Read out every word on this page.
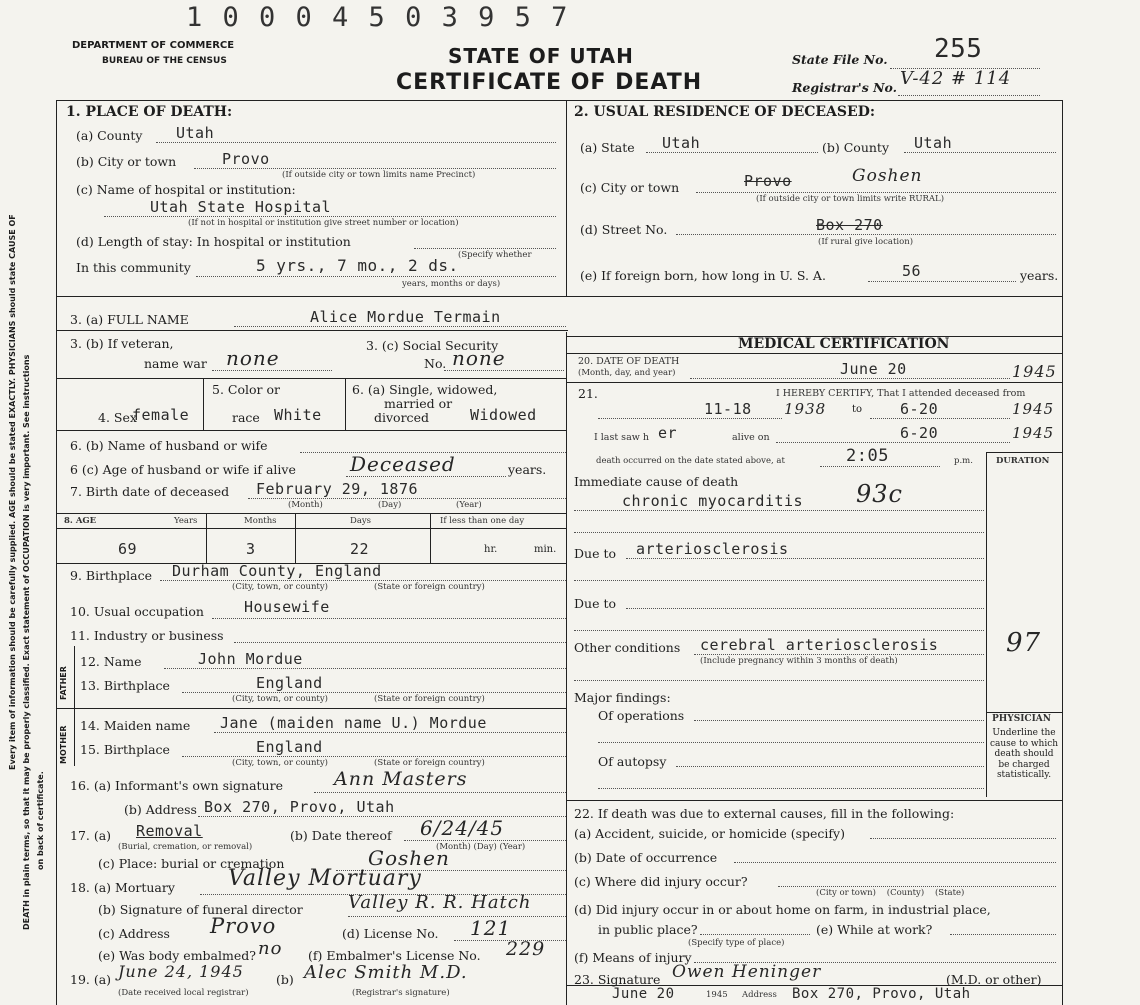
1 0 0 0 4 5 0 3 9 5 7
DEPARTMENT OF COMMERCE
BUREAU OF THE CENSUS	STATE OF UTAH
CERTIFICATE OF DEATH
State File No. 255
Registrar's No. V-42 # 114
Every item of information should be carefully supplied. AGE should be stated EXACTLY. PHYSICIANS should state CAUSE OF DEATH in plain terms, so that it may be properly classified. Exact statement of OCCUPATION is very important. See instructions on back of certificate.
1. PLACE OF DEATH:
(a) County Utah
(b) City or town	Provo
(If outside city or town limits name Precinct)
(c) Name of hospital or institution:
Utah State Hospital
(If not in hospital or institution give street number or location)
(d) Length of stay: In hospital or institution
In this community	5 yrs., 7 mo., 2 ds.
(Specify whether
years, months or days)
2. USUAL RESIDENCE OF DECEASED:
(a) State Utah	(b) County Utah
(c) City or town	Provo	Goshen
(If outside city or town limits write RURAL)
(d) Street No.	Box 270
(If rural give location)
(e) If foreign born, how long in U. S. A.	56	years.
3. (a) FULL NAME	Alice Mordue Termain
3. (b) If veteran,
name war none
3. (c) Social Security
No. none
4. Sex
female
5. Color or
race White
6. (a) Single, widowed,
married or
divorced	Widowed
6. (b) Name of husband or wife
6 (c) Age of husband or wife if alive	Deceased	years.
7. Birth date of deceased February 29, 1876
(Month)	(Day)	(Year)
8. AGE	Years	Months	Days	If less than one day
69	3	22	hr.	min.
9. Birthplace Durham County, England
(City, town, or county)	(State or foreign country)
10. Usual occupation	Housewife
11. Industry or business
FATHER
MOTHER
12. Name	John Mordue
13. Birthplace	England
(City, town, or county)	(State or foreign country)
14. Maiden name Jane (maiden name U.) Mordue
15. Birthplace	England
(City, town, or county)	(State or foreign country)
16. (a) Informant's own signature	Ann Masters
(b) Address Box 270, Provo, Utah
17. (a) Removal
(Burial, cremation, or removal)
(b) Date thereof 6/24/45
(Month) (Day) (Year)
(c) Place: burial or cremation	Goshen
18. (a) Mortuary Valley Mortuary
(b) Signature of funeral director	Valley R. R. Hatch
(c) Address Provo	(d) License No. 121
(e) Was body embalmed? no (f) Embalmer's License No. 229
19. (a) June 24, 1945
(Date received local registrar)
(b) Alec Smith M.D.
(Registrar's signature)
MEDICAL CERTIFICATION
20. DATE OF DEATH
(Month, day, and year)	June 20	1945
21.	I HEREBY CERTIFY, That I attended deceased from
11-18 1938	to	6-20	1945
I last saw h er	alive on	6-20	1945
death occurred on the date stated above, at	2:05	p.m.	DURATION
Immediate cause of death
chronic myocarditis 93c
Due to arteriosclerosis
Due to
Other conditions cerebral arteriosclerosis	97
(Include pregnancy within 3 months of death)
Major findings:
Of operations
Of autopsy
PHYSICIAN
Underline the cause to which death should be charged statistically.
22. If death was due to external causes, fill in the following:
(a) Accident, suicide, or homicide (specify)
(b) Date of occurrence
(c) Where did injury occur?
(City or town)    (County)    (State)
(d) Did injury occur in or about home on farm, in industrial place,
in public place?
(Specify type of place)
(e) While at work?
(f) Means of injury
23. Signature Owen Heninger	(M.D. or other)
June 20	1945 Address Box 270, Provo, Utah
